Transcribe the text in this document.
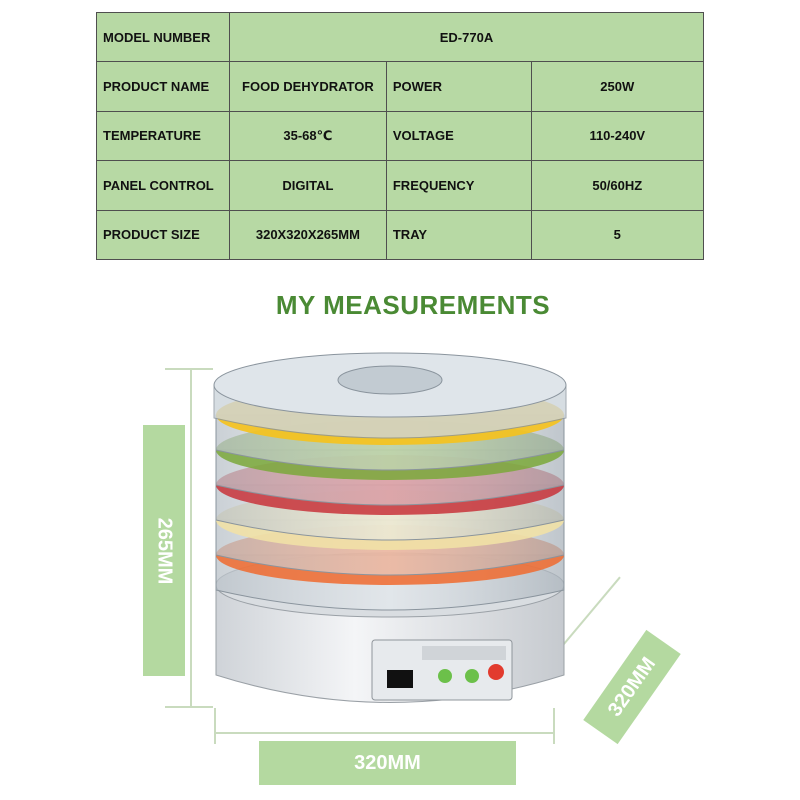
MODEL NUMBER	ED-770A		
PRODUCT NAME	FOOD DEHYDRATOR	POWER	250W
TEMPERATURE	35-68℃	VOLTAGE	110-240V
PANEL CONTROL	DIGITAL	FREQUENCY	50/60HZ
PRODUCT SIZE	320X320X265MM	TRAY	5
MY MEASUREMENTS
265MM
320MM
320MM
